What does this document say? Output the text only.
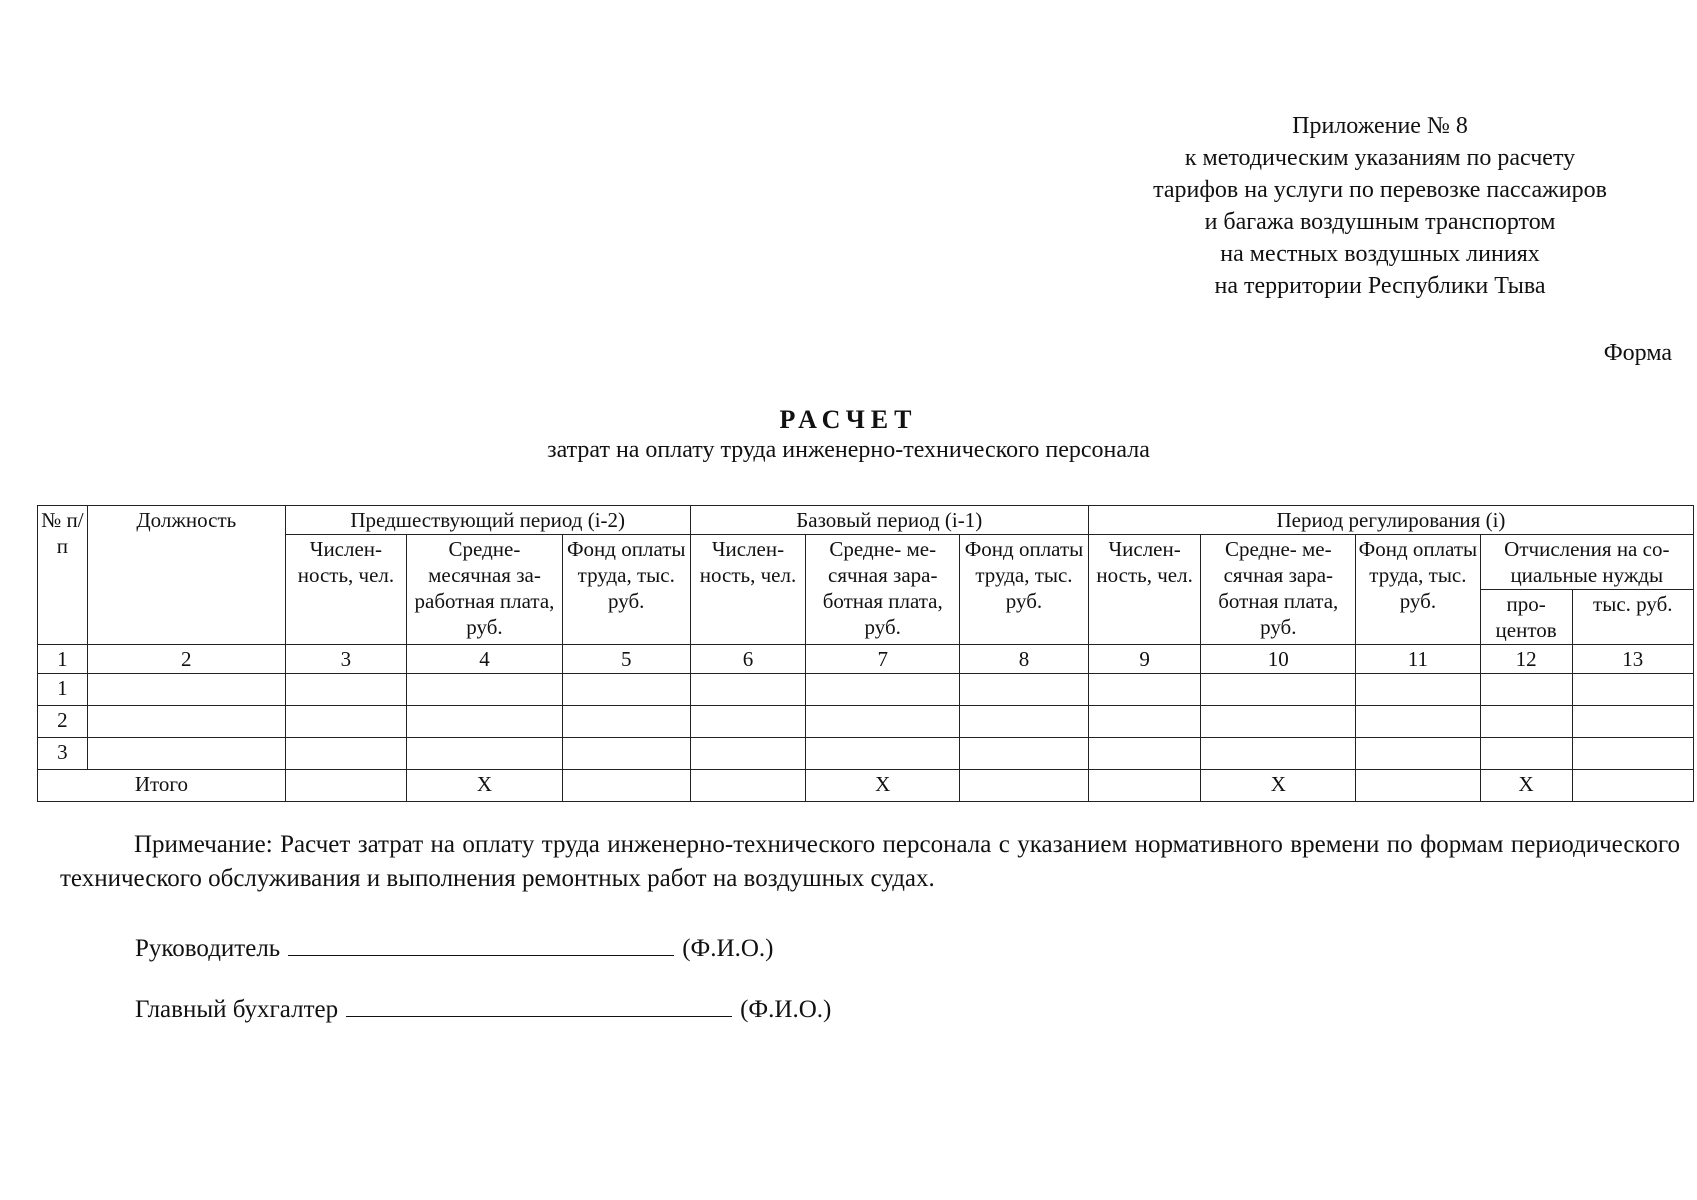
Приложение № 8
к методическим указаниям по расчету
тарифов на услуги по перевозке пассажиров
и багажа воздушным транспортом
на местных воздушных линиях
на территории Республики Тыва
Форма
РАСЧЕТ
затрат на оплату труда инженерно-технического персонала
№ п/п	Должность	Предшествующий период (i-2)			Базовый период (i-1)			Период регулирования (i)				
		Числен-ность, чел.	Средне-месячная за-работная плата, руб.	Фонд оплаты труда, тыс. руб.	Числен-ность, чел.	Средне- ме-сячная зара-ботная плата, руб.	Фонд оплаты труда, тыс. руб.	Числен-ность, чел.	Средне- ме-сячная зара-ботная плата, руб.	Фонд оплаты труда, тыс. руб.	Отчисления на со-циальные нужды	
											про-центов	тыс. руб.
1	2	3	4	5	6	7	8	9	10	11	12	13
1												
2												
3												
Итого			X			X			X		X	
Примечание: Расчет затрат на оплату труда инженерно-технического персонала с указанием нормативного времени по формам периодического технического обслуживания и выполнения ремонтных работ на воздушных судах.
Руководитель	(Ф.И.О.)
Главный бухгалтер	(Ф.И.О.)
